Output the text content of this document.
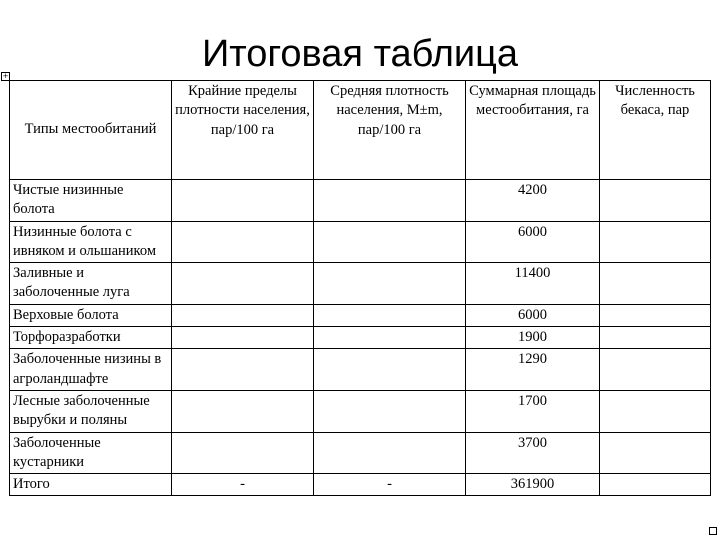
Итоговая таблица
+
Типы местообитаний	Крайние пределы плотности населения, пар/100 га	Средняя плотность населения, M±m, пар/100 га	Суммарная площадь местообитания, га	Численность бекаса, пар
Чистые низинные болота			4200	
Низинные болота с ивняком и ольшаником			6000	
Заливные и заболоченные луга			11400	
Верховые болота			6000	
Торфоразработки			1900	
Заболоченные низины в агроландшафте			1290	
Лесные заболоченные вырубки и поляны			1700	
Заболоченные кустарники			3700	
Итого	-	-	361900	
